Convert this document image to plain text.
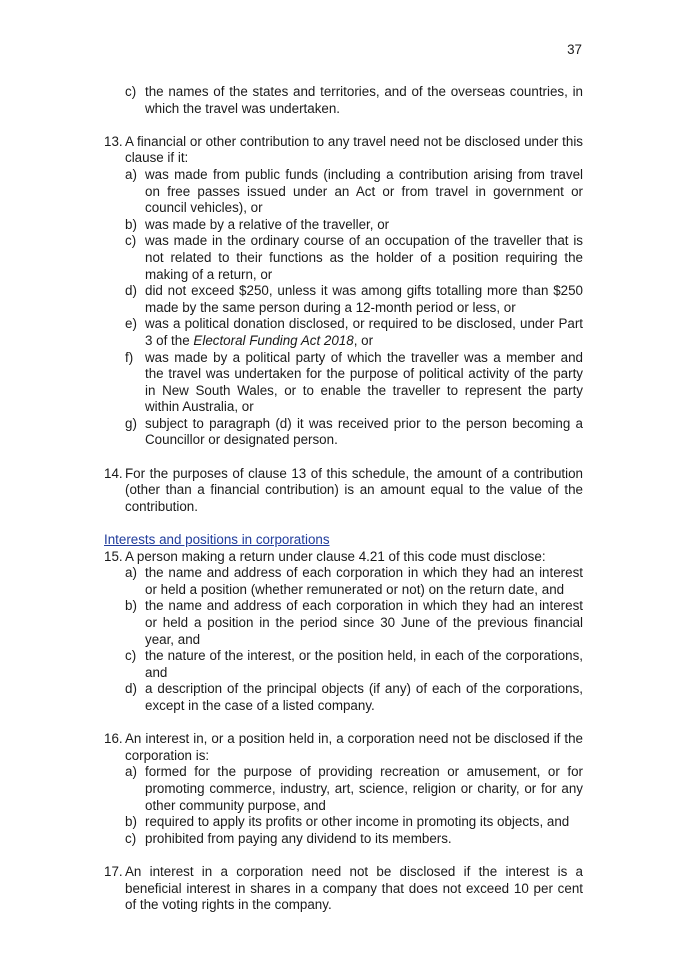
37
c) the names of the states and territories, and of the overseas countries, in which the travel was undertaken.
13. A financial or other contribution to any travel need not be disclosed under this clause if it:
a) was made from public funds (including a contribution arising from travel on free passes issued under an Act or from travel in government or council vehicles), or
b) was made by a relative of the traveller, or
c) was made in the ordinary course of an occupation of the traveller that is not related to their functions as the holder of a position requiring the making of a return, or
d) did not exceed $250, unless it was among gifts totalling more than $250 made by the same person during a 12-month period or less, or
e) was a political donation disclosed, or required to be disclosed, under Part 3 of the Electoral Funding Act 2018, or
f) was made by a political party of which the traveller was a member and the travel was undertaken for the purpose of political activity of the party in New South Wales, or to enable the traveller to represent the party within Australia, or
g) subject to paragraph (d) it was received prior to the person becoming a Councillor or designated person.
14. For the purposes of clause 13 of this schedule, the amount of a contribution (other than a financial contribution) is an amount equal to the value of the contribution.
Interests and positions in corporations
15. A person making a return under clause 4.21 of this code must disclose:
a) the name and address of each corporation in which they had an interest or held a position (whether remunerated or not) on the return date, and
b) the name and address of each corporation in which they had an interest or held a position in the period since 30 June of the previous financial year, and
c) the nature of the interest, or the position held, in each of the corporations, and
d) a description of the principal objects (if any) of each of the corporations, except in the case of a listed company.
16. An interest in, or a position held in, a corporation need not be disclosed if the corporation is:
a) formed for the purpose of providing recreation or amusement, or for promoting commerce, industry, art, science, religion or charity, or for any other community purpose, and
b) required to apply its profits or other income in promoting its objects, and
c) prohibited from paying any dividend to its members.
17. An interest in a corporation need not be disclosed if the interest is a beneficial interest in shares in a company that does not exceed 10 per cent of the voting rights in the company.
